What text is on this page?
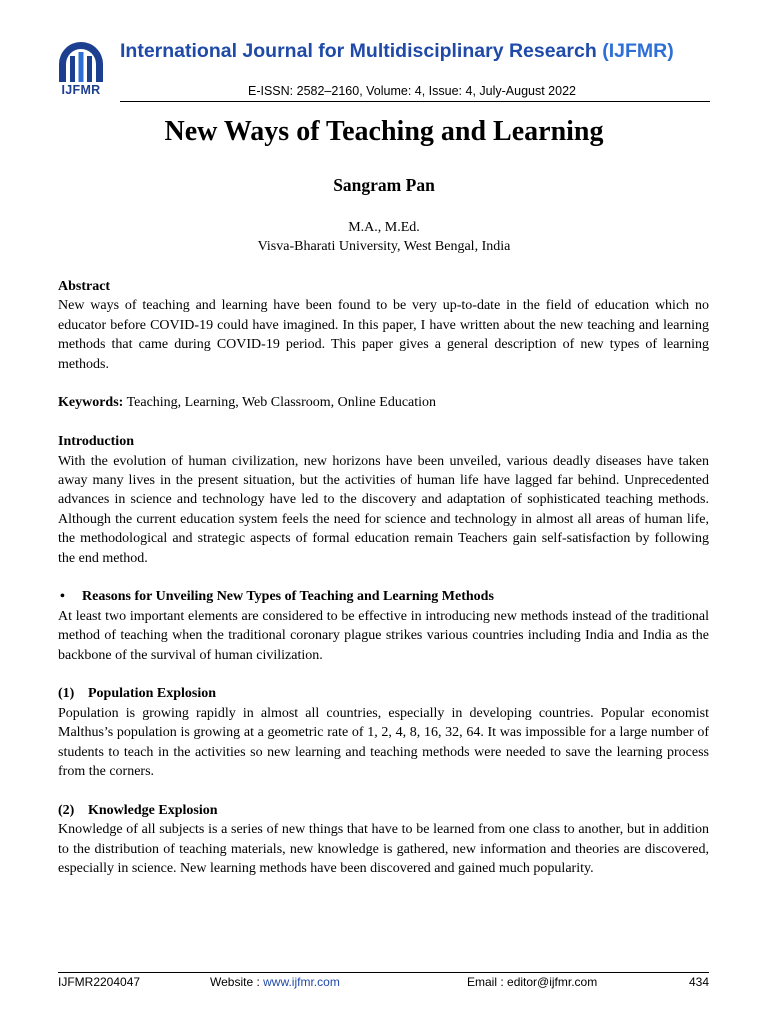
IJFMR
International Journal for Multidisciplinary Research (IJFMR)
E-ISSN: 2582–2160, Volume: 4, Issue: 4, July-August 2022
New Ways of Teaching and Learning
Sangram Pan
M.A., M.Ed.
Visva-Bharati University, West Bengal, India

Abstract

New ways of teaching and learning have been found to be very up-to-date in the field of education which no educator before COVID-19 could have imagined. In this paper, I have written about the new teaching and learning methods that came during COVID-19 period. This paper gives a general description of new types of learning methods.

Keywords: Teaching, Learning, Web Classroom, Online Education

Introduction

With the evolution of human civilization, new horizons have been unveiled, various deadly diseases have taken away many lives in the present situation, but the activities of human life have lagged far behind. Unprecedented advances in science and technology have led to the discovery and adaptation of sophisticated teaching methods. Although the current education system feels the need for science and technology in almost all areas of human life, the methodological and strategic aspects of formal education remain Teachers gain self-satisfaction by following the end method.

•	Reasons for Unveiling New Types of Teaching and Learning Methods

At least two important elements are considered to be effective in introducing new methods instead of the traditional method of teaching when the traditional coronary plague strikes various countries including India and India as the backbone of the survival of human civilization.

(1) Population Explosion

Population is growing rapidly in almost all countries, especially in developing countries. Popular economist Malthus’s population is growing at a geometric rate of 1, 2, 4, 8, 16, 32, 64. It was impossible for a large number of students to teach in the activities so new learning and teaching methods were needed to save the learning process from the corners.

(2) Knowledge Explosion

Knowledge of all subjects is a series of new things that have to be learned from one class to another, but in addition to the distribution of teaching materials, new knowledge is gathered, new information and theories are discovered, especially in science. New learning methods have been discovered and gained much popularity.

IJFMR2204047	Website : www.ijfmr.com	Email : editor@ijfmr.com	434
